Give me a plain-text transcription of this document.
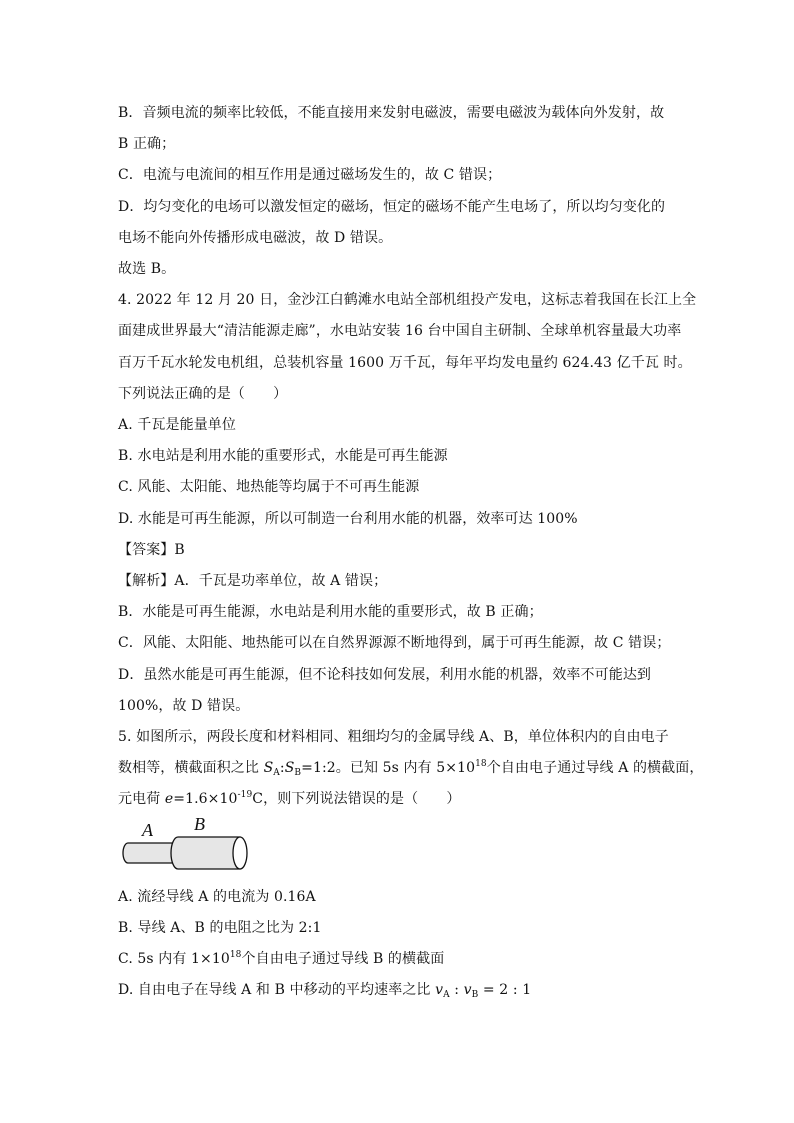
B．音频电流的频率比较低，不能直接用来发射电磁波，需要电磁波为载体向外发射，故
B 正确；
C．电流与电流间的相互作用是通过磁场发生的，故 C 错误；
D．均匀变化的电场可以激发恒定的磁场，恒定的磁场不能产生电场了，所以均匀变化的
电场不能向外传播形成电磁波，故 D 错误。
故选 B。
4. 2022 年 12 月 20 日，金沙江白鹤滩水电站全部机组投产发电，这标志着我国在长江上全
面建成世界最大“清洁能源走廊”，水电站安装 16 台中国自主研制、全球单机容量最大功率
百万千瓦水轮发电机组，总装机容量 1600 万千瓦，每年平均发电量约 624.43 亿千瓦 时。
下列说法正确的是（　　）
A. 千瓦是能量单位
B. 水电站是利用水能的重要形式，水能是可再生能源
C. 风能、太阳能、地热能等均属于不可再生能源
D. 水能是可再生能源，所以可制造一台利用水能的机器，效率可达 100%
【答案】B
【解析】A．千瓦是功率单位，故 A 错误；
B．水能是可再生能源，水电站是利用水能的重要形式，故 B 正确；
C．风能、太阳能、地热能可以在自然界源源不断地得到，属于可再生能源，故 C 错误；
D．虽然水能是可再生能源，但不论科技如何发展，利用水能的机器，效率不可能达到
100%，故 D 错误。
5. 如图所示，两段长度和材料相同、粗细均匀的金属导线 A、B，单位体积内的自由电子
数相等，横截面积之比 $S_A:S_B=1:2$。已知 5s 内有 $5\times 10^{18}$个自由电子通过导线 A 的横截面，
元电荷 $e=1.6\times 10^{-19}C$，则下列说法错误的是（　　）
A B
A. 流经导线 A 的电流为 0.16A
B. 导线 A、B 的电阻之比为 2:1
C. 5s 内有 $1\times 10^{18}$个自由电子通过导线 B 的横截面
D. 自由电子在导线 A 和 B 中移动的平均速率之比 $v_A$ : $v_B = 2$ : 1
